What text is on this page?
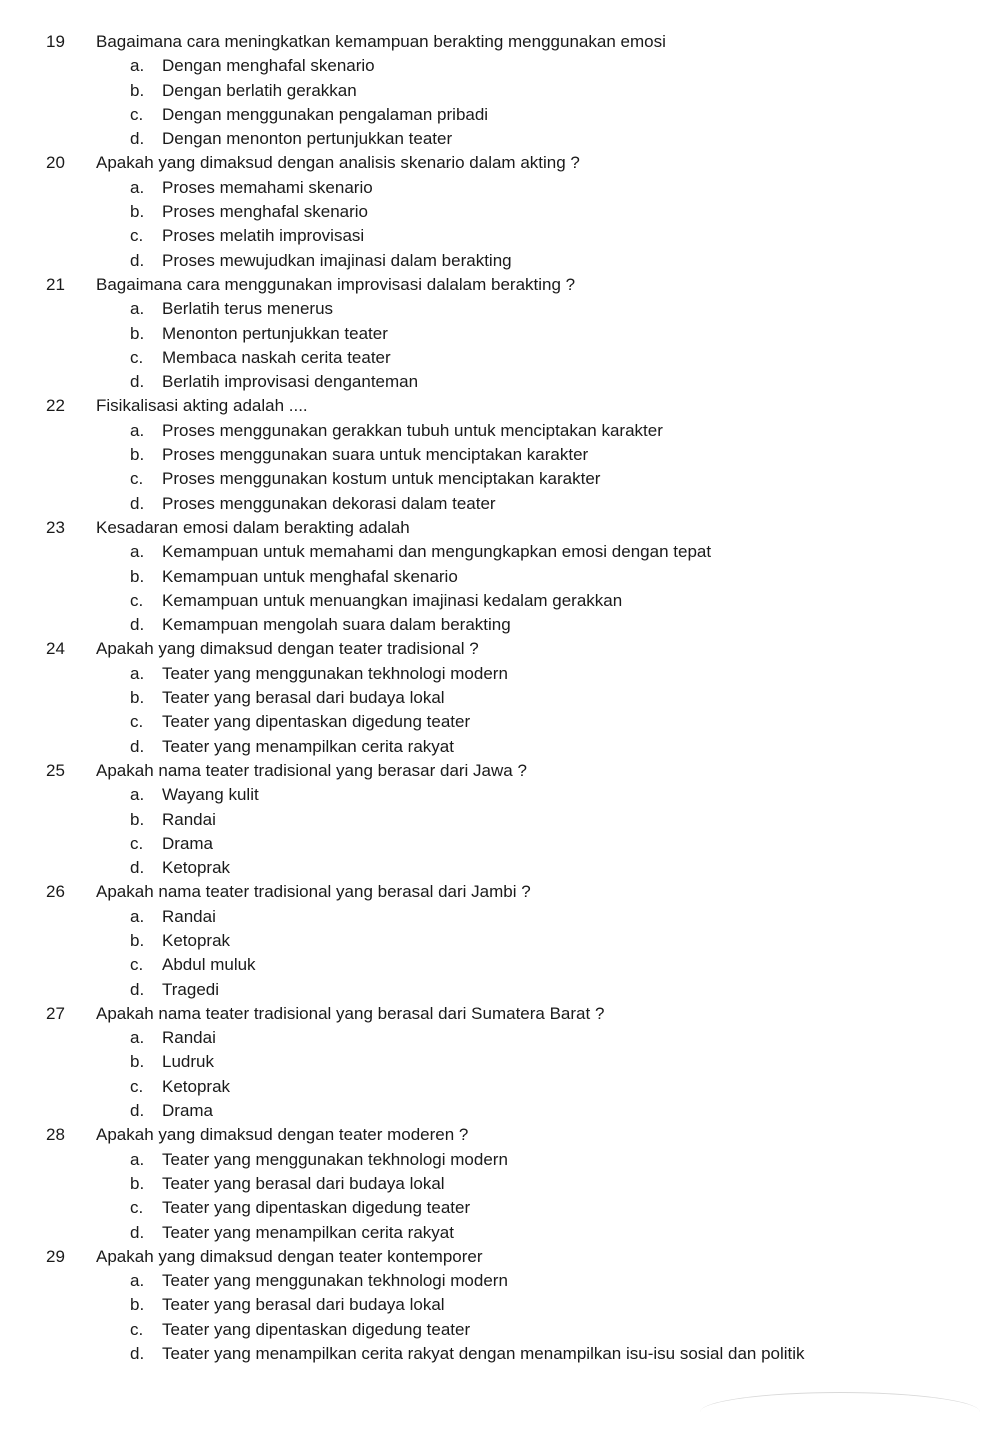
19	Bagaimana cara meningkatkan kemampuan berakting menggunakan emosi
a.	Dengan menghafal skenario
b.	Dengan berlatih gerakkan
c.	Dengan menggunakan pengalaman pribadi
d.	Dengan menonton pertunjukkan teater
20	Apakah yang dimaksud dengan analisis skenario dalam akting ?
a.	Proses memahami skenario
b.	Proses menghafal skenario
c.	Proses melatih improvisasi
d.	Proses mewujudkan imajinasi dalam berakting
21	Bagaimana cara menggunakan improvisasi dalalam berakting ?
a.	Berlatih terus menerus
b.	Menonton pertunjukkan teater
c.	Membaca naskah cerita teater
d.	Berlatih improvisasi denganteman
22	Fisikalisasi akting adalah ....
a.	Proses menggunakan gerakkan tubuh untuk menciptakan karakter
b.	Proses menggunakan suara untuk menciptakan karakter
c.	Proses menggunakan kostum untuk menciptakan karakter
d.	Proses menggunakan dekorasi dalam teater
23	Kesadaran emosi dalam berakting adalah
a.	Kemampuan untuk memahami dan mengungkapkan emosi dengan tepat
b.	Kemampuan untuk menghafal skenario
c.	Kemampuan untuk menuangkan imajinasi kedalam gerakkan
d.	Kemampuan mengolah suara dalam berakting
24	Apakah yang dimaksud dengan teater tradisional ?
a.	Teater yang menggunakan tekhnologi modern
b.	Teater yang berasal dari budaya lokal
c.	Teater yang dipentaskan digedung teater
d.	Teater yang menampilkan cerita rakyat
25	Apakah nama teater tradisional yang berasar dari Jawa ?
a.	Wayang kulit
b.	Randai
c.	Drama
d.	Ketoprak
26	Apakah nama teater tradisional yang berasal dari Jambi ?
a.	Randai
b.	Ketoprak
c.	Abdul muluk
d.	Tragedi
27	Apakah nama teater tradisional yang berasal dari Sumatera Barat ?
a.	Randai
b.	Ludruk
c.	Ketoprak
d.	Drama
28	Apakah yang dimaksud dengan teater moderen ?
a.	Teater yang menggunakan tekhnologi modern
b.	Teater yang berasal dari budaya lokal
c.	Teater yang dipentaskan digedung teater
d.	Teater yang menampilkan cerita rakyat
29	Apakah yang dimaksud dengan teater kontemporer
a.	Teater yang menggunakan tekhnologi modern
b.	Teater yang berasal dari budaya lokal
c.	Teater yang dipentaskan digedung teater
d.	Teater yang menampilkan cerita rakyat dengan menampilkan isu-isu sosial dan politik
